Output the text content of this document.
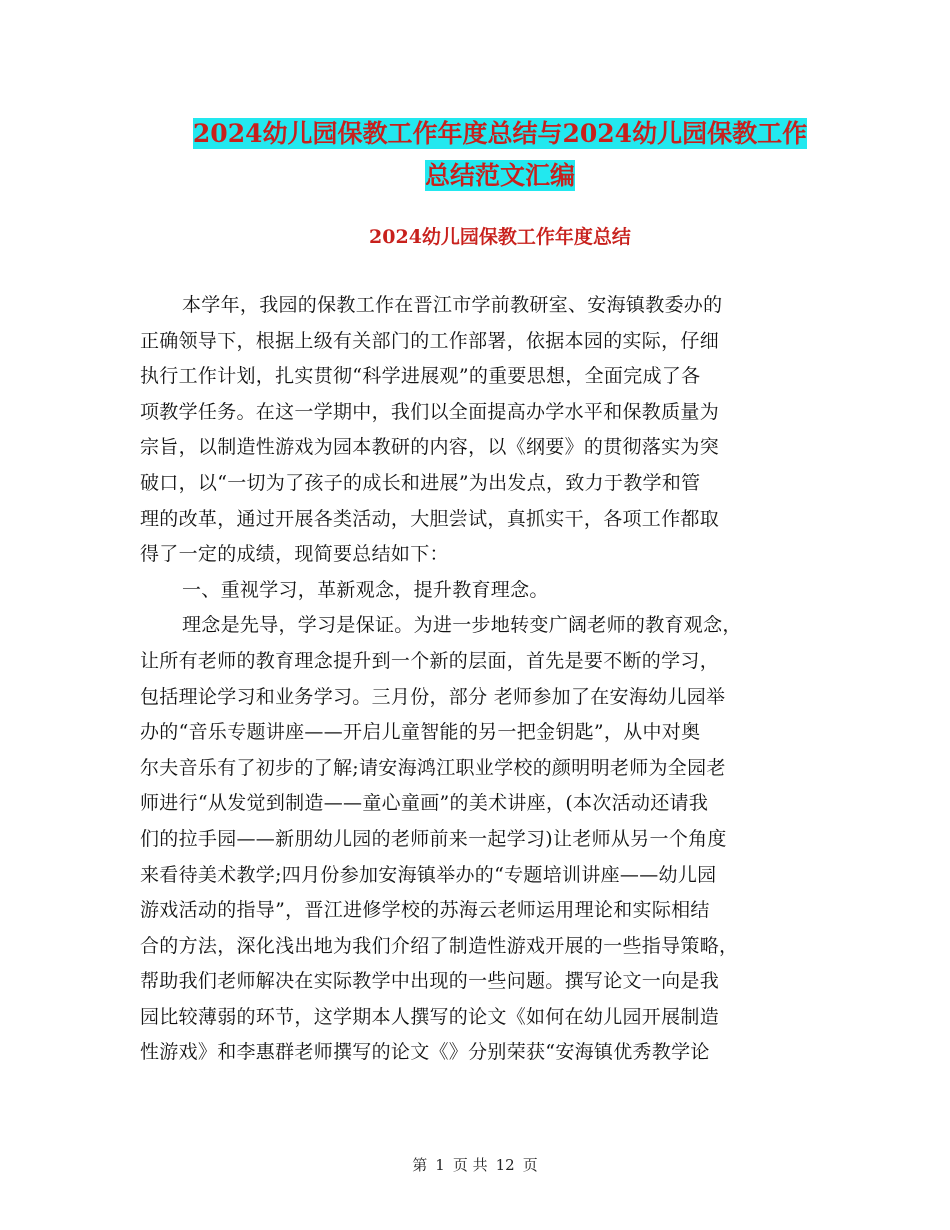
2024幼儿园保教工作年度总结与2024幼儿园保教工作
总结范文汇编
2024幼儿园保教工作年度总结
本学年，我园的保教工作在晋江市学前教研室、安海镇教委办的
正确领导下，根据上级有关部门的工作部署，依据本园的实际，仔细
执行工作计划，扎实贯彻“科学进展观”的重要思想，全面完成了各
项教学任务。在这一学期中，我们以全面提高办学水平和保教质量为
宗旨，以制造性游戏为园本教研的内容，以《纲要》的贯彻落实为突
破口，以“一切为了孩子的成长和进展”为出发点，致力于教学和管
理的改革，通过开展各类活动，大胆尝试，真抓实干，各项工作都取
得了一定的成绩，现简要总结如下：
一、重视学习，革新观念，提升教育理念。
理念是先导，学习是保证。为进一步地转变广阔老师的教育观念，
让所有老师的教育理念提升到一个新的层面，首先是要不断的学习，
包括理论学习和业务学习。三月份，部分 老师参加了在安海幼儿园举
办的“音乐专题讲座——开启儿童智能的另一把金钥匙”，从中对奥
尔夫音乐有了初步的了解;请安海鸿江职业学校的颜明明老师为全园老
师进行“从发觉到制造——童心童画”的美术讲座，(本次活动还请我
们的拉手园——新朋幼儿园的老师前来一起学习)让老师从另一个角度
来看待美术教学;四月份参加安海镇举办的“专题培训讲座——幼儿园
游戏活动的指导”，晋江进修学校的苏海云老师运用理论和实际相结
合的方法，深化浅出地为我们介绍了制造性游戏开展的一些指导策略，
帮助我们老师解决在实际教学中出现的一些问题。撰写论文一向是我
园比较薄弱的环节，这学期本人撰写的论文《如何在幼儿园开展制造
性游戏》和李惠群老师撰写的论文《》分别荣获“安海镇优秀教学论
第 1 页 共 12 页
